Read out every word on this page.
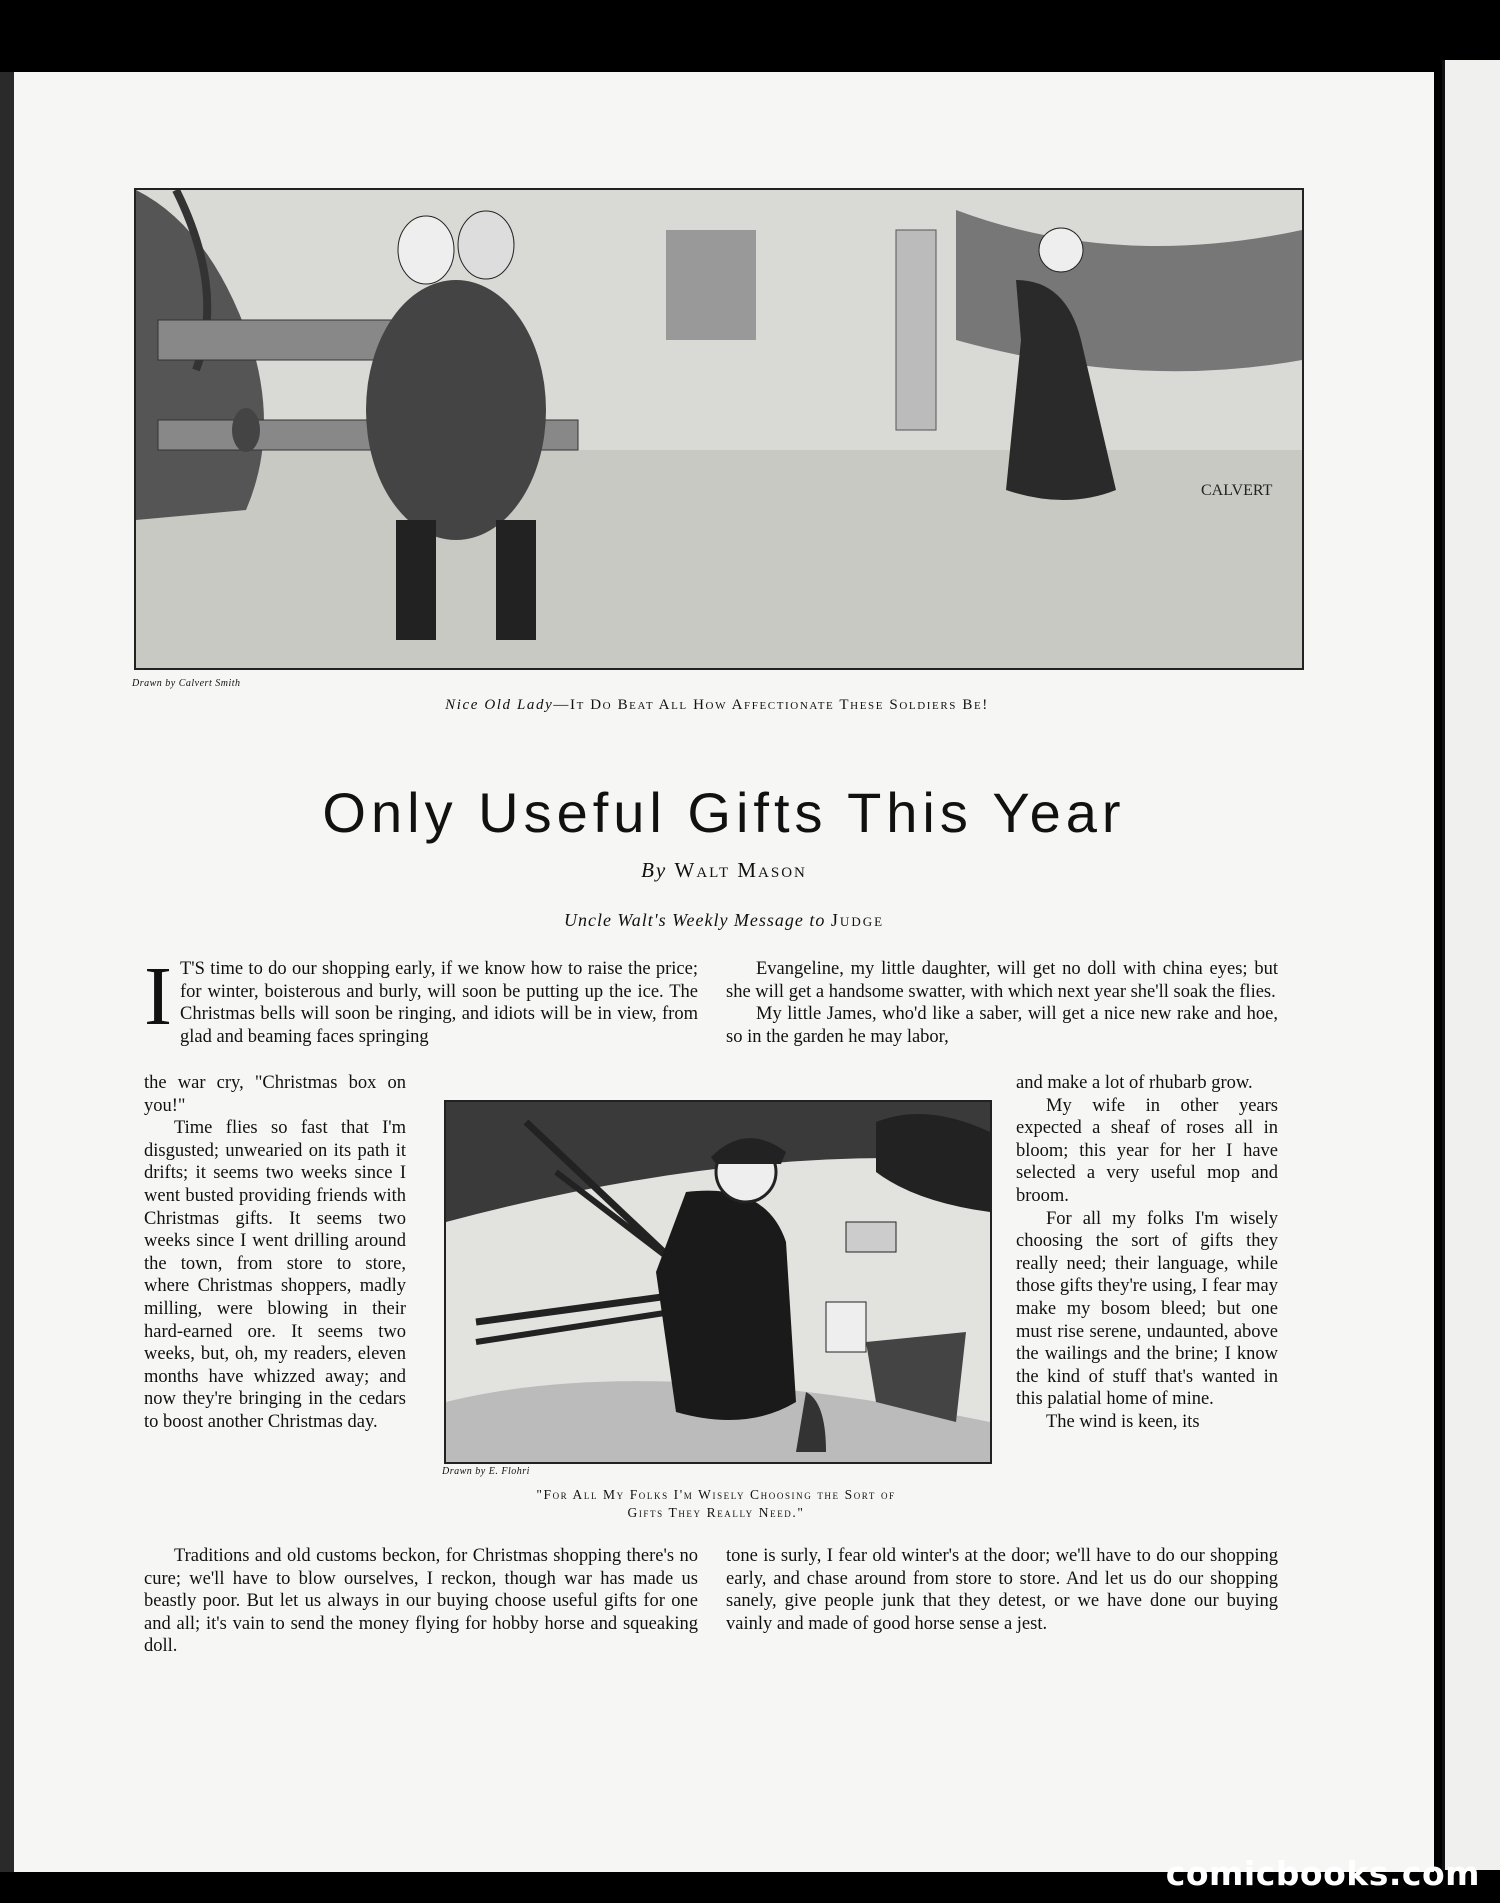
CALVERT
Drawn by Calvert Smith
Nice Old Lady—It Do Beat All How Affectionate These Soldiers Be!
Only Useful Gifts This Year
By Walt Mason
Uncle Walt's Weekly Message to Judge

I T'S time to do our shopping early, if we know how to raise the price; for winter, boisterous and burly, will soon be putting up the ice. The Christmas bells will soon be ringing, and idiots will be in view, from glad and beaming faces springing

the war cry, "Christmas box on you!"

Time flies so fast that I'm disgusted; unwearied on its path it drifts; it seems two weeks since I went busted providing friends with Christmas gifts. It seems two weeks since I went drilling around the town, from store to store, where Christmas shoppers, madly milling, were blowing in their hard-earned ore. It seems two weeks, but, oh, my readers, eleven months have whizzed away; and now they're bringing in the cedars to boost another Christmas day.

Traditions and old customs beckon, for Christmas shopping there's no cure; we'll have to blow ourselves, I reckon, though war has made us beastly poor. But let us always in our buying choose useful gifts for one and all; it's vain to send the money flying for hobby horse and squeaking doll.

Evangeline, my little daughter, will get no doll with china eyes; but she will get a handsome swatter, with which next year she'll soak the flies.

My little James, who'd like a saber, will get a nice new rake and hoe, so in the garden he may labor,

and make a lot of rhubarb grow.

My wife in other years expected a sheaf of roses all in bloom; this year for her I have selected a very useful mop and broom.

For all my folks I'm wisely choosing the sort of gifts they really need; their language, while those gifts they're using, I fear may make my bosom bleed; but one must rise serene, undaunted, above the wailings and the brine; I know the kind of stuff that's wanted in this palatial home of mine.

The wind is keen, its

tone is surly, I fear old winter's at the door; we'll have to do our shopping early, and chase around from store to store. And let us do our shopping sanely, give people junk that they detest, or we have done our buying vainly and made of good horse sense a jest.

Drawn by E. Flohri
"For All My Folks I'm Wisely Choosing the Sort of
Gifts They Really Need."
comicbooks.com
